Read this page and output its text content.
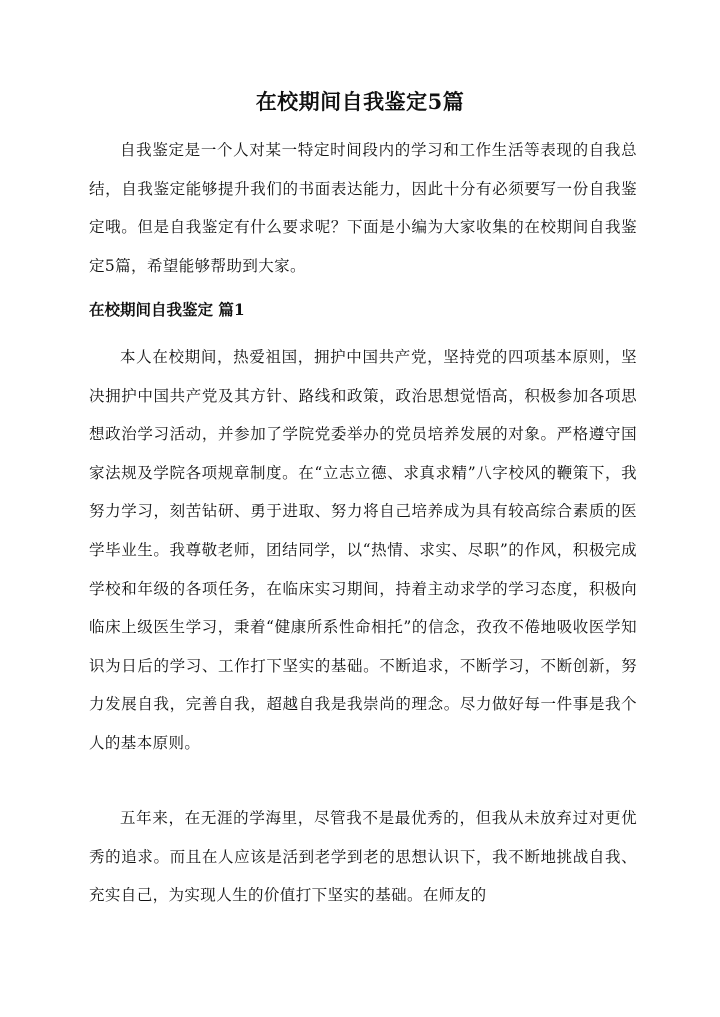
在校期间自我鉴定5篇

自我鉴定是一个人对某一特定时间段内的学习和工作生活等表现的自我总结，自我鉴定能够提升我们的书面表达能力，因此十分有必须要写一份自我鉴定哦。但是自我鉴定有什么要求呢？下面是小编为大家收集的在校期间自我鉴定5篇，希望能够帮助到大家。

在校期间自我鉴定 篇1

本人在校期间，热爱祖国，拥护中国共产党，坚持党的四项基本原则，坚决拥护中国共产党及其方针、路线和政策，政治思想觉悟高，积极参加各项思想政治学习活动，并参加了学院党委举办的党员培养发展的对象。严格遵守国家法规及学院各项规章制度。在“立志立德、求真求精”八字校风的鞭策下，我努力学习，刻苦钻研、勇于进取、努力将自己培养成为具有较高综合素质的医学毕业生。我尊敬老师，团结同学，以“热情、求实、尽职”的作风，积极完成学校和年级的各项任务，在临床实习期间，持着主动求学的学习态度，积极向临床上级医生学习，秉着“健康所系性命相托”的信念，孜孜不倦地吸收医学知识为日后的学习、工作打下坚实的基础。不断追求，不断学习，不断创新，努力发展自我，完善自我，超越自我是我崇尚的理念。尽力做好每一件事是我个人的基本原则。

五年来，在无涯的学海里，尽管我不是最优秀的，但我从未放弃过对更优秀的追求。而且在人应该是活到老学到老的思想认识下，我不断地挑战自我、充实自己，为实现人生的价值打下坚实的基础。在师友的
